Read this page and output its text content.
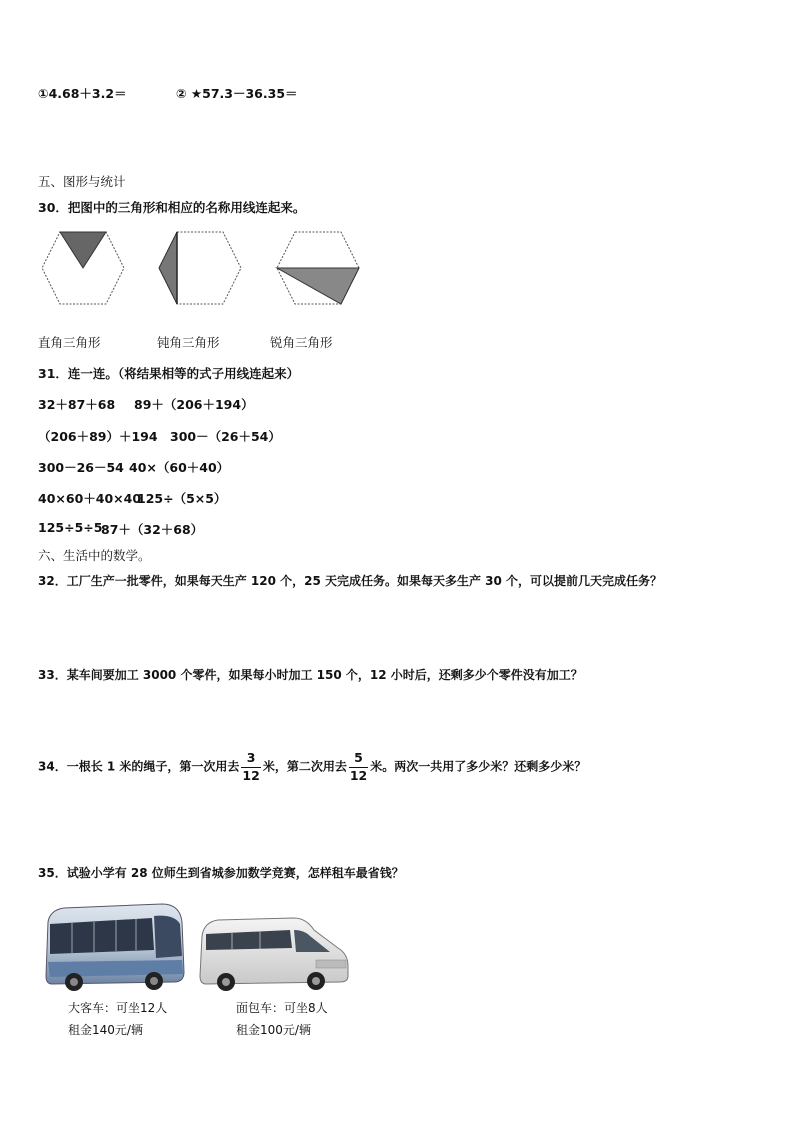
①4.68＋3.2＝	② ★57.3－36.35＝
五、图形与统计
30．把图中的三角形和相应的名称用线连起来。
直角三角形	钝角三角形	锐角三角形
31．连一连。（将结果相等的式子用线连起来）
32＋87＋68 89＋（206＋194）
（206＋89）＋194 300－（26＋54）
300－26－54 40×（60＋40）
40×60＋40×40
125÷（5×5）
125÷5÷5
87＋（32＋68）
六、生活中的数学。
32．工厂生产一批零件，如果每天生产 120 个，25 天完成任务。如果每天多生产 30 个，可以提前几天完成任务？
33．某车间要加工 3000 个零件，如果每小时加工 150 个，12 小时后，还剩多少个零件没有加工？
34．一根长 1 米的绳子，第一次用去 $\frac{3}{12}$ 米，第二次用去 $\frac{5}{12}$ 米。两次一共用了多少米？还剩多少米？
35．试验小学有 28 位师生到省城参加数学竞赛，怎样租车最省钱？
大客车：可坐12人
租金140元/辆
面包车：可坐8人
租金100元/辆
